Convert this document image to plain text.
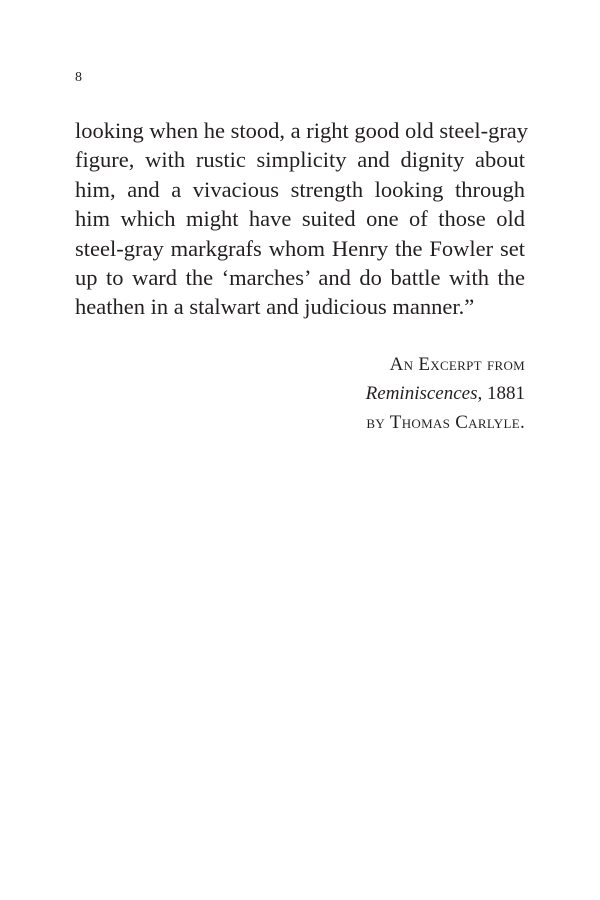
8
looking when he stood, a right good old steel-gray
figure, with rustic simplicity and dignity about
him, and a vivacious strength looking through
him which might have suited one of those old
steel-gray markgrafs whom Henry the Fowler set
up to ward the ‘marches’ and do battle with the
heathen in a stalwart and judicious manner.”
An Excerpt from
Reminiscences, 1881
by Thomas Carlyle.
